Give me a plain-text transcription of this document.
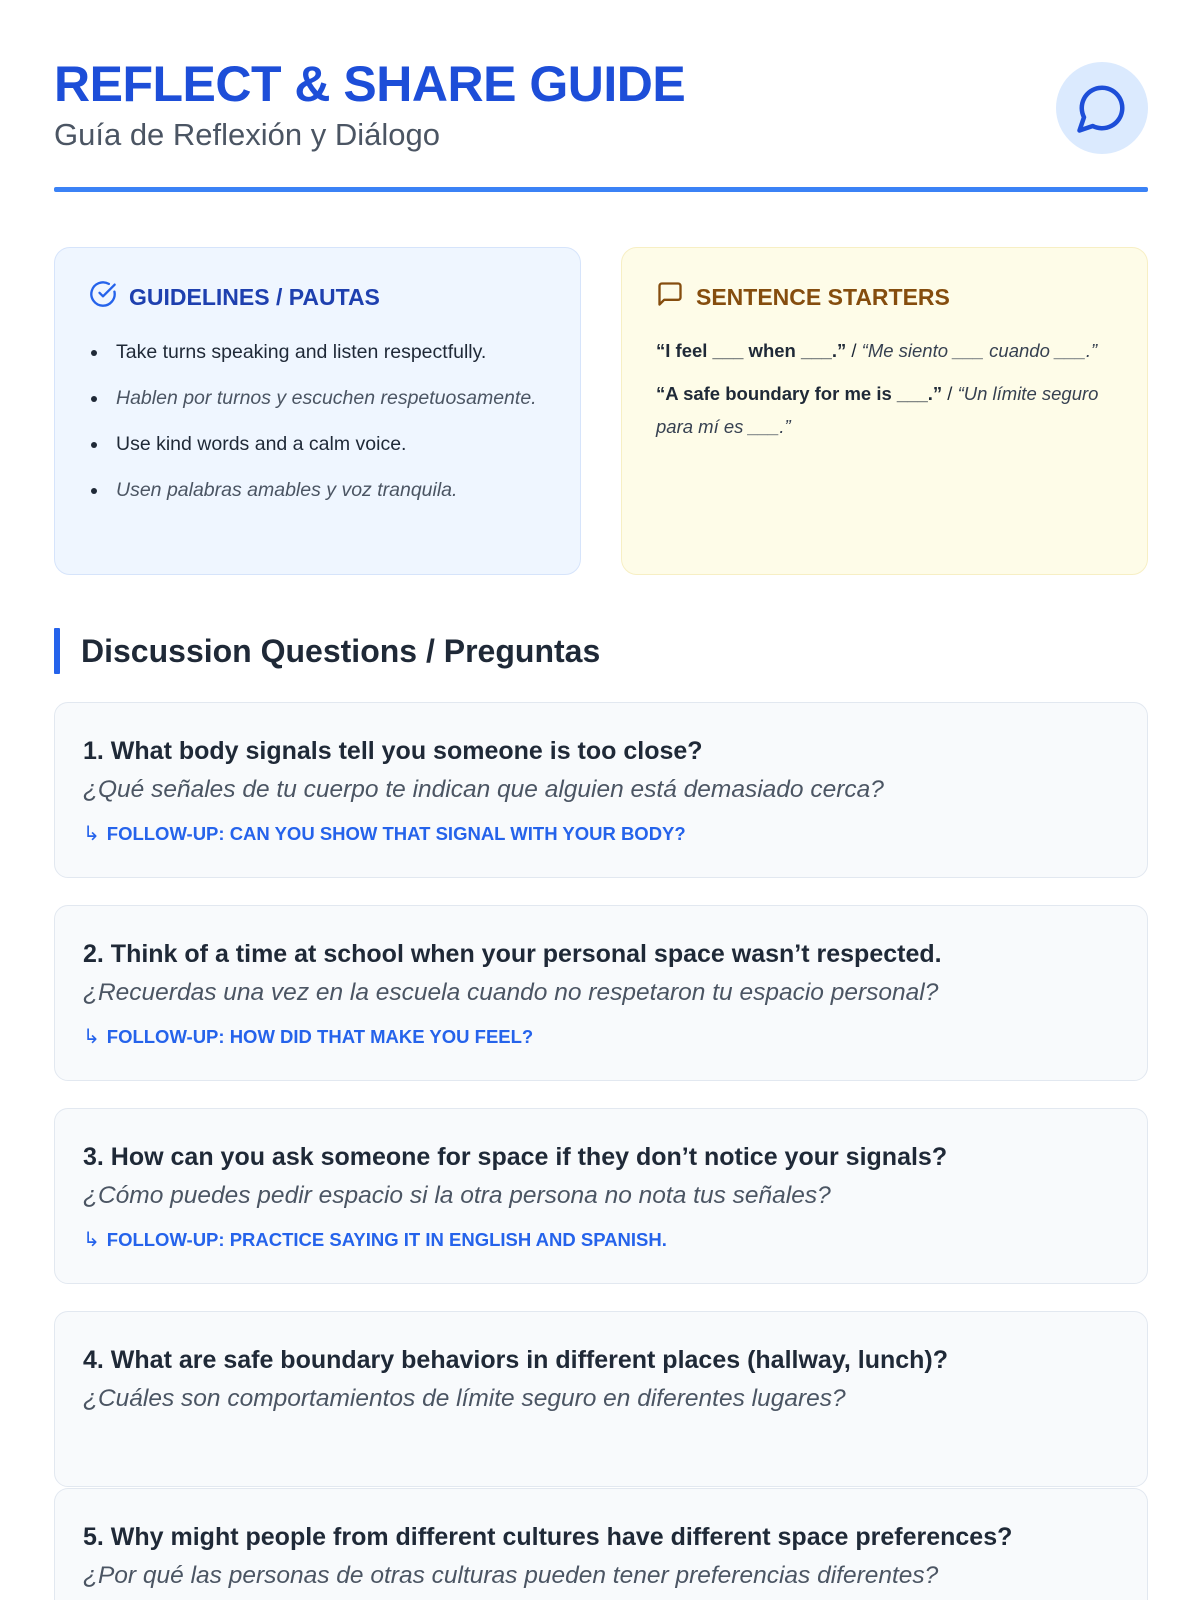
REFLECT & SHARE GUIDE
Guía de Reflexión y Diálogo
GUIDELINES / PAUTAS
Take turns speaking and listen respectfully.
Hablen por turnos y escuchen respetuosamente.
Use kind words and a calm voice.
Usen palabras amables y voz tranquila.
SENTENCE STARTERS
“I feel ___ when ___.” / “Me siento ___ cuando ___.”
“A safe boundary for me is ___.” / “Un límite seguro para mí es ___.”
Discussion Questions / Preguntas
1. What body signals tell you someone is too close?
¿Qué señales de tu cuerpo te indican que alguien está demasiado cerca?
↳ FOLLOW-UP: CAN YOU SHOW THAT SIGNAL WITH YOUR BODY?
2. Think of a time at school when your personal space wasn’t respected.
¿Recuerdas una vez en la escuela cuando no respetaron tu espacio personal?
↳ FOLLOW-UP: HOW DID THAT MAKE YOU FEEL?
3. How can you ask someone for space if they don’t notice your signals?
¿Cómo puedes pedir espacio si la otra persona no nota tus señales?
↳ FOLLOW-UP: PRACTICE SAYING IT IN ENGLISH AND SPANISH.
4. What are safe boundary behaviors in different places (hallway, lunch)?
¿Cuáles son comportamientos de límite seguro en diferentes lugares?
5. Why might people from different cultures have different space preferences?
¿Por qué las personas de otras culturas pueden tener preferencias diferentes?
